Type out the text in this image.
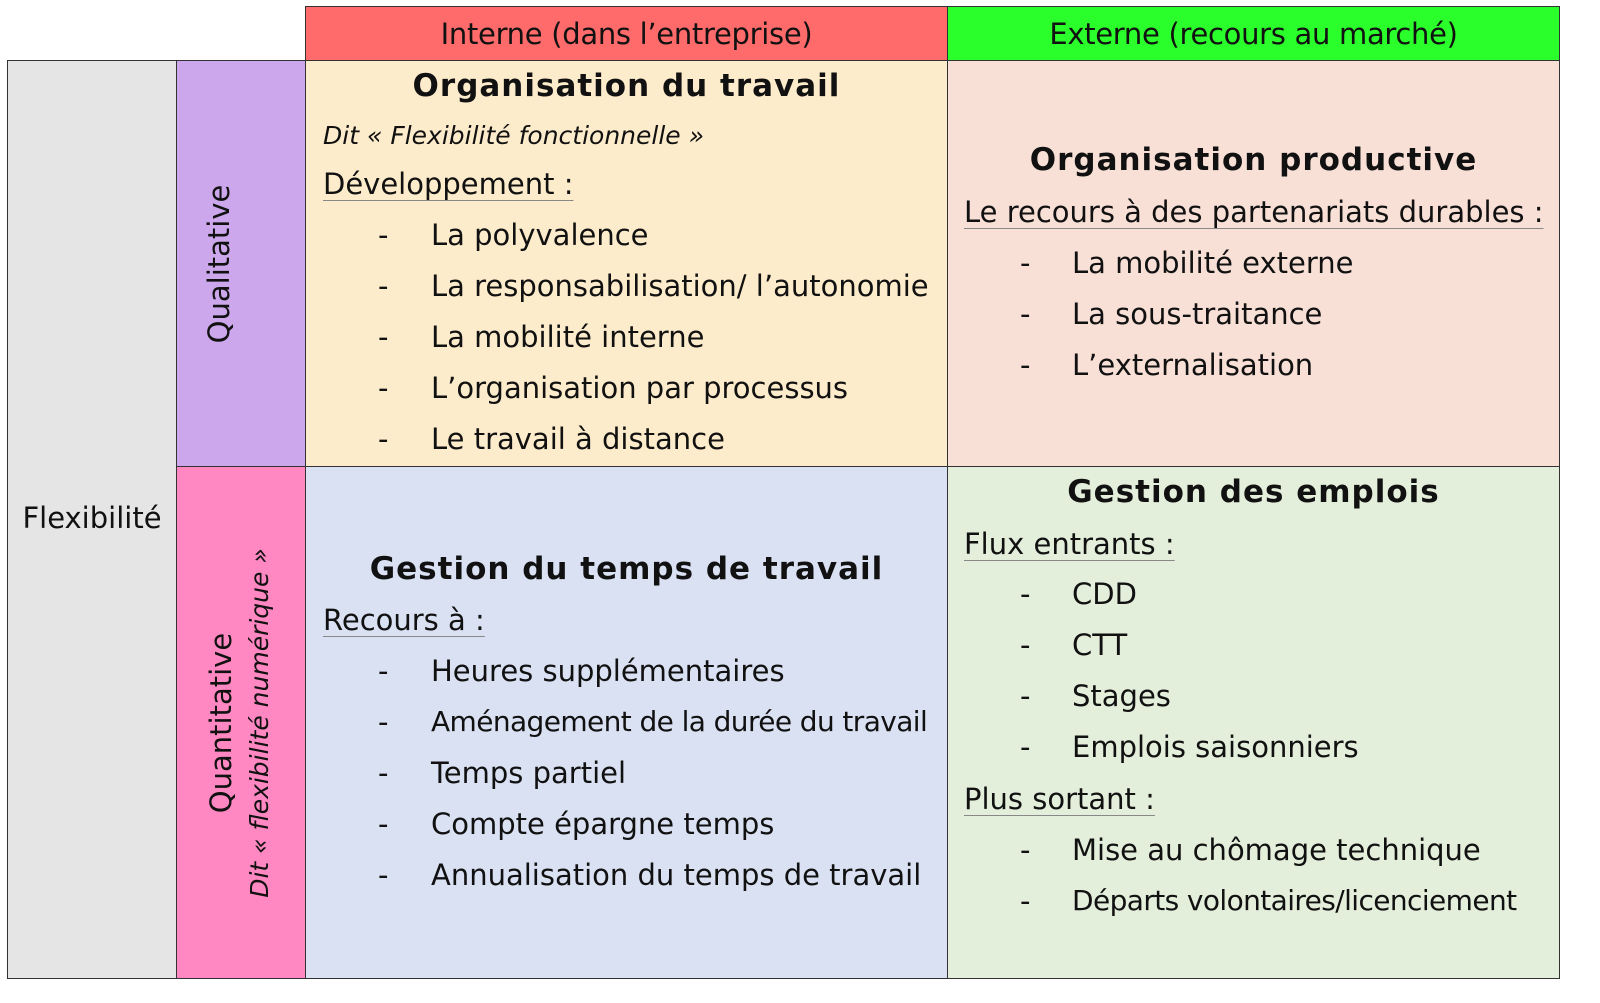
Interne (dans l’entreprise)	Externe (recours au marché)
Flexibilité
Qualitative
Quantitative Dit « flexibilité numérique »
Organisation du travail
Dit « Flexibilité fonctionnelle »
Développement :
- La polyvalence
- La responsabilisation/ l’autonomie
- La mobilité interne
- L’organisation par processus
- Le travail à distance
Organisation productive
Le recours à des partenariats durables :
- La mobilité externe
- La sous-traitance
- L’externalisation
Gestion du temps de travail
Recours à :
- Heures supplémentaires
- Aménagement de la durée du travail
- Temps partiel
- Compte épargne temps
- Annualisation du temps de travail
Gestion des emplois
Flux entrants :
- CDD
- CTT
- Stages
- Emplois saisonniers
Plus sortant :
- Mise au chômage technique
- Départs volontaires/licenciement
